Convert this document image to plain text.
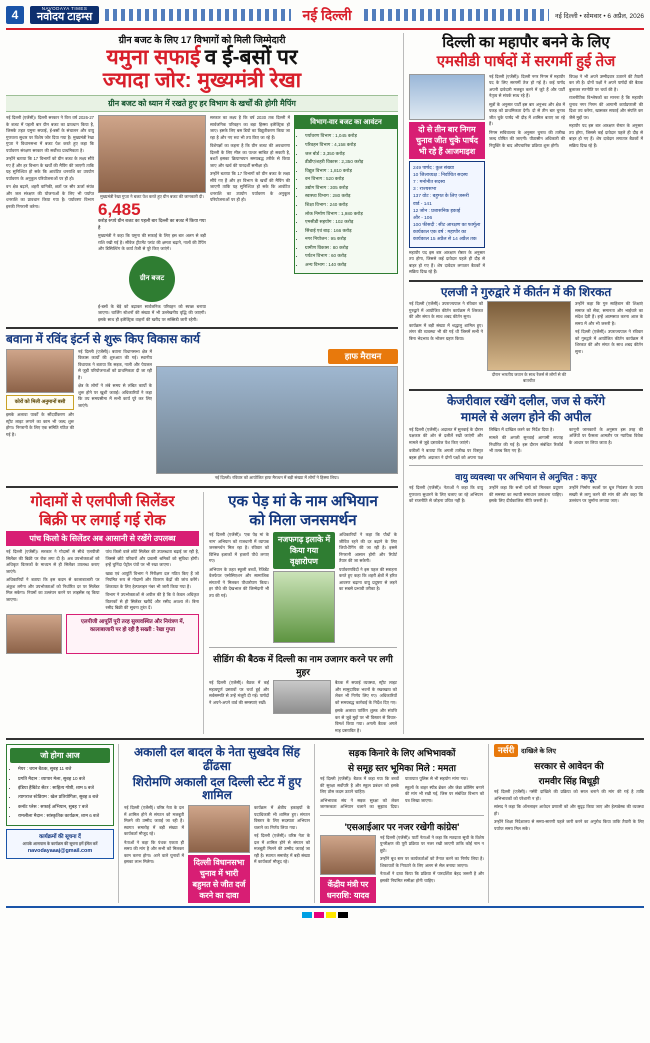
4	NAVODAYA TIMES
नवोदय टाइम्स	नई दिल्ली	नई दिल्ली • सोमवार • 6 अप्रैल, 2026
ग्रीन बजट के लिए 17 विभागों को मिली जिम्मेदारी
यमुना सफाई व ई-बसों पर
ज्यादा जोर: मुख्यमंत्री रेखा
ग्रीन बजट को ध्यान में रखते हुए हर विभाग के खर्चों की होगी मैपिंग
नई दिल्ली (एजेंसी)। दिल्ली सरकार ने वित्त वर्ष 2026-27 के बजट में पहली बार ग्रीन बजट का प्रावधान किया है, जिसके तहत यमुना सफाई, ई-बसों के संचालन और वायु गुणवत्ता सुधार पर विशेष जोर दिया गया है। मुख्यमंत्री रेखा गुप्ता ने विधानसभा में बजट पेश करते हुए कहा कि पर्यावरण संरक्षण सरकार की सर्वोच्च प्राथमिकता है।
उन्होंने बताया कि 17 विभागों को ग्रीन बजट के लक्ष्य सौंपे गए हैं और हर विभाग के खर्चों की मैपिंग की जाएगी ताकि यह सुनिश्चित हो सके कि आवंटित धनराशि का उपयोग पर्यावरण के अनुकूल परियोजनाओं पर ही हो।
वन क्षेत्र बढ़ाने, शहरी वानिकी, छतों पर सौर ऊर्जा संयंत्र और जल संरक्षण की योजनाओं के लिए भी पर्याप्त धनराशि का प्रावधान किया गया है। पर्यावरण विभाग इनकी निगरानी करेगा।
मुख्यमंत्री रेखा गुप्ता ने बजट पेश करते हुए ग्रीन बजट की जानकारी दी।
6,485
करोड़ रुपये ग्रीन बजट का पहली बार दिल्ली का बजट में किया गया है
मुख्यमंत्री ने कहा कि यमुना की सफाई के लिए इस बार अलग से बड़ी राशि रखी गई है। सीवेज ट्रीटमेंट प्लांट की क्षमता बढ़ाने, नालों की टैपिंग और डिसिल्टिंग के कार्य तेजी से पूरे किए जाएंगे।
ग्रीन बजट
ई-बसों के बेड़े को बढ़ाकर सार्वजनिक परिवहन को स्वच्छ बनाया जाएगा। चार्जिंग स्टेशनों की संख्या में भी उल्लेखनीय वृद्धि की जाएगी। इसके साथ ही इलेक्ट्रिक वाहनों की खरीद पर सब्सिडी जारी रहेगी।
सरकार का लक्ष्य है कि वर्ष 2030 तक दिल्ली में सार्वजनिक परिवहन का बड़ा हिस्सा इलेक्ट्रिक हो जाए। इसके लिए बस डिपो का विद्युतीकरण किया जा रहा है और नए रूट भी तय किए जा रहे हैं।
विशेषज्ञों का कहना है कि ग्रीन बजट की अवधारणा दिल्ली के लिए मील का पत्थर साबित हो सकती है, बशर्ते इसका क्रियान्वयन समयबद्ध तरीके से किया जाए और खर्च की पारदर्शी समीक्षा हो।
उन्होंने बताया कि 17 विभागों को ग्रीन बजट के लक्ष्य सौंपे गए हैं और हर विभाग के खर्चों की मैपिंग की जाएगी ताकि यह सुनिश्चित हो सके कि आवंटित धनराशि का उपयोग पर्यावरण के अनुकूल परियोजनाओं पर ही हो।
विभाग-वार बजट का आवंटन
• पर्यावरण विभाग : 1,045 करोड़
• परिवहन विभाग : 4,158 करोड़
• जल बोर्ड : 3,350 करोड़
• डीडीए/शहरी विकास : 2,350 करोड़
• विद्युत विभाग : 1,810 करोड़
• वन विभाग : 520 करोड़
• उद्योग विभाग : 305 करोड़
• स्वास्थ्य विभाग : 280 करोड़
• शिक्षा विभाग : 240 करोड़
• लोक निर्माण विभाग : 1,980 करोड़
• एमसीडी सहयोग : 102 करोड़
• सिंचाई एवं बाढ़ : 166 करोड़
• नगर नियोजन : 95 करोड़
• ग्रामीण विकास : 80 करोड़
• पर्यटन विभाग : 60 करोड़
• अन्य विभाग : 140 करोड़
बवाना में रविंद इंटर्न से शुरू किए विकास कार्य
कोरों को मिली अनुमानों बसी
इसके अलावा पार्कों के सौंदर्यीकरण और स्ट्रीट लाइट लगाने का काम भी जल्द शुरू होगा। निगरानी के लिए एक समिति गठित की गई है।
नई दिल्ली (एजेंसी)। बवाना विधानसभा क्षेत्र में विकास कार्यों की शुरुआत की गई। स्थानीय विधायक ने बताया कि सड़क, नाली और पेयजल से जुड़ी परियोजनाओं को प्राथमिकता दी जा रही है।
क्षेत्र के लोगों ने लंबे समय से लंबित कार्यों के शुरू होने पर खुशी जताई। अधिकारियों ने कहा कि तय समयसीमा में सभी कार्य पूरे कर लिए जाएंगे।
हाफ मैराथन
नई दिल्ली। रविवार को आयोजित हाफ मैराथन में बड़ी संख्या में लोगों ने हिस्सा लिया।
गोदामों से एलपीजी सिलेंडर
बिक्री पर लगाई गई रोक
पांच किलो के सिलेंडर अब आसानी से रखेंगे उपलब्ध
नई दिल्ली (एजेंसी)। सरकार ने गोदामों से सीधे एलपीजी सिलेंडर की बिक्री पर रोक लगा दी है। अब उपभोक्ताओं को अधिकृत वितरकों के माध्यम से ही सिलेंडर उपलब्ध कराए जाएंगे।
अधिकारियों ने बताया कि इस कदम से कालाबाजारी पर अंकुश लगेगा और उपभोक्ताओं को निर्धारित दर पर सिलेंडर मिल सकेगा। नियमों का उल्लंघन करने पर लाइसेंस रद्द किया जाएगा।
पांच किलो वाले छोटे सिलेंडर की उपलब्धता बढ़ाई जा रही है, जिससे छोटे परिवारों और प्रवासी श्रमिकों को सुविधा होगी। इन्हें चुनिंदा पेट्रोल पंपों पर भी रखा जाएगा।
खाद्य एवं आपूर्ति विभाग ने निरीक्षण दल गठित किए हैं जो नियमित रूप से गोदामों और वितरण केंद्रों की जांच करेंगे। शिकायत के लिए हेल्पलाइन नंबर भी जारी किया गया है।
विभाग ने उपभोक्ताओं से अपील की है कि वे केवल अधिकृत वितरकों से ही सिलेंडर खरीदें और रसीद अवश्य लें। बिना रसीद बिक्री की सूचना तुरंत दें।
एलपीजी आपूर्ति पूरी तरह सुव्यवस्थित और नियंत्रण में, कालाबाजारी पर हो रही है सख्ती : रेखा गुप्ता
एक पेड़ मां के नाम अभियान
को मिला जनसमर्थन
नई दिल्ली (एजेंसी)। 'एक पेड़ मां के नाम' अभियान को राजधानी में व्यापक जनसमर्थन मिल रहा है। रविवार को विभिन्न इलाकों में हजारों पौधे लगाए गए।
अभियान के तहत स्कूली बच्चों, रेजिडेंट वेलफेयर एसोसिएशन और सामाजिक संगठनों ने मिलकर पौधारोपण किया। हर पौधे की देखभाल की जिम्मेदारी भी तय की गई।
नजफगढ़ इलाके में किया गया वृक्षारोपण
अधिकारियों ने कहा कि पौधों के जीवित रहने की दर बढ़ाने के लिए जियो-टैगिंग की जा रही है। इससे निगरानी आसान होगी और रिपोर्ट तैयार की जा सकेगी।
पर्यावरणविदों ने इस पहल की सराहना करते हुए कहा कि शहरी क्षेत्रों में हरित आवरण बढ़ाना वायु प्रदूषण से लड़ने का सबसे प्रभावी तरीका है।
सीडिंग की बैठक में दिल्ली का नाम उजागर करने पर लगी मुहर
नई दिल्ली (एजेंसी)। बैठक में कई महत्वपूर्ण प्रस्तावों पर चर्चा हुई और सर्वसम्मति से उन्हें मंजूरी दी गई। पार्षदों ने अपने-अपने वार्ड की समस्याएं रखीं।
बैठक में सफाई व्यवस्था, स्ट्रीट लाइट और सामुदायिक भवनों के रखरखाव को लेकर भी निर्णय लिए गए। अधिकारियों को समयबद्ध कार्रवाई के निर्देश दिए गए।
इसके अलावा पार्किंग शुल्क और संपत्ति कर से जुड़े मुद्दों पर भी विस्तार से विचार-विमर्श किया गया। अगली बैठक अगले माह प्रस्तावित है।
दिल्ली का महापौर बनने के लिए
एमसीडी पार्षदों में सरगर्मी हुई तेज
दो से तीन बार निगम चुनाव जीत चुके पार्षद भी रहे हैं आजमाइश
249 पार्षद : कुल संख्या
10 जिलाध्यक्ष : निर्वाचित सदस्य
7 : मनोनीत सदस्य
3 : राज्यसभा
137 वोट : बहुमत के लिए जरूरी
वार्ड - 141
12 जोन : प्रशासनिक इकाई
और - 106
100 फीसदी : सीट आरक्षण का फार्मूला
कार्यकाल एक वर्ष : महापौर का कार्यकाल 15 अप्रैल से 14 अप्रैल तक
महापौर पद इस बार आरक्षण रोस्टर के अनुसार तय होगा, जिससे कई दावेदार पहले ही दौड़ से बाहर हो गए हैं। शेष दावेदार लगातार बैठकों में सक्रिय दिख रहे हैं।
नई दिल्ली (एजेंसी)। दिल्ली नगर निगम में महापौर पद के लिए सरगर्मी तेज हो गई है। कई पार्षद अपनी दावेदारी मजबूत करने में जुटे हैं और पार्टी नेतृत्व से संपर्क साध रहे हैं।
सूत्रों के अनुसार पार्टी इस बार अनुभव और क्षेत्र में पकड़ को प्राथमिकता देगी। दो से तीन बार चुनाव जीत चुके पार्षद भी दौड़ में शामिल बताए जा रहे हैं।
निगम सचिवालय के अनुसार चुनाव की तारीख जल्द घोषित की जाएगी। पीठासीन अधिकारी की नियुक्ति के बाद औपचारिक प्रक्रिया शुरू होगी।
विपक्ष ने भी अपने उम्मीदवार उतारने की तैयारी कर ली है। दोनों पक्षों ने अपने पार्षदों की बैठक बुलाकर रणनीति पर चर्चा की है।
राजनीतिक विश्लेषकों का मानना है कि महापौर चुनाव नगर निगम की आगामी कार्यप्रणाली की दिशा तय करेगा, खासकर सफाई और संपत्ति कर जैसे मुद्दों पर।
महापौर पद इस बार आरक्षण रोस्टर के अनुसार तय होगा, जिससे कई दावेदार पहले ही दौड़ से बाहर हो गए हैं। शेष दावेदार लगातार बैठकों में सक्रिय दिख रहे हैं।
एलजी ने गुरुद्वारे में कीर्तन में की शिरकत
नई दिल्ली (एजेंसी)। उपराज्यपाल ने रविवार को गुरुद्वारे में आयोजित कीर्तन कार्यक्रम में शिरकत की और संगत के साथ शबद कीर्तन सुना।
कार्यक्रम में बड़ी संख्या में श्रद्धालु शामिल हुए। लंगर की व्यवस्था भी की गई थी जिसमें सभी ने बिना भेदभाव के भोजन ग्रहण किया।
दौरान भारतीय जवान के साथ रेंजर्स से लोगों से की बातचीत
उन्होंने कहा कि गुरु साहिबान की शिक्षाएं समाज को सेवा, समानता और भाईचारे का संदेश देती हैं। इन्हें आत्मसात करना आज के समय में और भी जरूरी है।
नई दिल्ली (एजेंसी)। उपराज्यपाल ने रविवार को गुरुद्वारे में आयोजित कीर्तन कार्यक्रम में शिरकत की और संगत के साथ शबद कीर्तन सुना।
केजरीवाल रखेंगे दलील, जज से करेंगे
मामले से अलग होने की अपील
नई दिल्ली (एजेंसी)। अदालत में सुनवाई के दौरान पक्षकार की ओर से दलीलें रखी जाएंगी और मामले से जुड़े दस्तावेज पेश किए जाएंगे।
वकीलों ने बताया कि अगली तारीख पर विस्तृत बहस होगी। अदालत ने दोनों पक्षों को अपना पक्ष लिखित में दाखिल करने का निर्देश दिया है।
मामले की अगली सुनवाई आगामी सप्ताह निर्धारित की गई है। इस दौरान संबंधित रिकॉर्ड भी तलब किए गए हैं।
कानूनी जानकारों के अनुसार इस तरह की अर्जियों पर फैसला आमतौर पर न्यायिक विवेक के आधार पर लिया जाता है।
वायु व्यवस्था पर अभियान से अनुचित : कपूर
नई दिल्ली (एजेंसी)। नेताओं ने कहा कि वायु गुणवत्ता सुधारने के लिए चलाए जा रहे अभियान को राजनीति से जोड़ना उचित नहीं है।
उन्होंने कहा कि सभी दलों को मिलकर प्रदूषण की समस्या का स्थायी समाधान तलाशना चाहिए। इसके लिए दीर्घकालिक नीति जरूरी है।
उन्होंने निर्माण स्थलों पर धूल नियंत्रण के उपाय सख्ती से लागू करने की मांग की और कहा कि उल्लंघन पर जुर्माना लगाया जाए।
जो होगा आज
• मेयर : चयन बैठक, सुबह 11 बजे
• प्रगति मैदान : व्यापार मेला, सुबह 10 बजे
• इंडिया हैबिटेट सेंटर : साहित्य गोष्ठी, शाम 5 बजे
• त्यागराज स्टेडियम : खेल प्रतियोगिता, सुबह 8 बजे
• कनॉट प्लेस : सफाई अभियान, सुबह 7 बजे
• रामलीला मैदान : सांस्कृतिक कार्यक्रम, शाम 6 बजे
कार्यक्रमों की सूचना दें
आपके आसपास के कार्यक्रम की सूचना हमें ईमेल करें
navodayaaaj@gmail.com
अकाली दल बादल के नेता सुखदेव सिंह ढींढसा
शिरोमणि अकाली दल दिल्ली स्टेट में हुए शामिल
नई दिल्ली (एजेंसी)। वरिष्ठ नेता के दल में शामिल होने से संगठन को मजबूती मिलने की उम्मीद जताई जा रही है। स्वागत समारोह में बड़ी संख्या में कार्यकर्ता मौजूद रहे।
नेताओं ने कहा कि पंथक एकता ही समय की मांग है और सभी को मिलकर काम करना होगा। आने वाले चुनावों में इसका लाभ मिलेगा।	दिल्ली विधानसभा चुनाव में भारी बहुमत से जीत दर्ज करने का दावा
कार्यक्रम में क्षेत्रीय इकाइयों के पदाधिकारी भी शामिल हुए। संगठन विस्तार के लिए सदस्यता अभियान चलाने का निर्णय लिया गया।
नई दिल्ली (एजेंसी)। वरिष्ठ नेता के दल में शामिल होने से संगठन को मजबूती मिलने की उम्मीद जताई जा रही है। स्वागत समारोह में बड़ी संख्या में कार्यकर्ता मौजूद रहे।
सड़क किनारे के लिए अभिभावकों
से समूह स्तर भूमिका मिले : ममता
नई दिल्ली (एजेंसी)। बैठक में कहा गया कि बच्चों की सुरक्षा सर्वोपरि है और स्कूल प्रबंधन को इसके लिए ठोस कदम उठाने चाहिए।
अभिभावक संघ ने सड़क सुरक्षा को लेकर जागरूकता अभियान चलाने का सुझाव दिया। यातायात पुलिस से भी सहयोग मांगा गया।
स्कूलों के बाहर स्पीड ब्रेकर और जेब्रा क्रॉसिंग बनाने की मांग भी रखी गई, जिस पर संबंधित विभाग को पत्र लिखा जाएगा।
'एसआईआर पर नजर रखेगी कांग्रेस'
केंद्रीय मंत्री पर धनराशि: यादव
नई दिल्ली (एजेंसी)। पार्टी नेताओं ने कहा कि मतदाता सूची के विशेष पुनरीक्षण की पूरी प्रक्रिया पर नजर रखी जाएगी ताकि कोई नाम न छूटे।
उन्होंने बूथ स्तर पर कार्यकर्ताओं को तैनात करने का निर्णय लिया है। शिकायतों के निपटारे के लिए अलग से सेल बनाया जाएगा।
नेताओं ने दावा किया कि प्रक्रिया में पारदर्शिता बेहद जरूरी है और इसकी नियमित समीक्षा होनी चाहिए।
नर्सरी	दाखिले के लिए
सरकार से आवेदन की
रामवीर सिंह बिधूड़ी
नई दिल्ली (एजेंसी)। नर्सरी दाखिले की प्रक्रिया को सरल बनाने की मांग की गई है ताकि अभिभावकों को परेशानी न हो।
सांसद ने कहा कि ऑनलाइन आवेदन प्रणाली को और सुदृढ़ किया जाए और हेल्पडेस्क की व्यवस्था हो।
उन्होंने शिक्षा निदेशालय से समय-सारणी पहले जारी करने का अनुरोध किया ताकि तैयारी के लिए पर्याप्त समय मिल सके।
